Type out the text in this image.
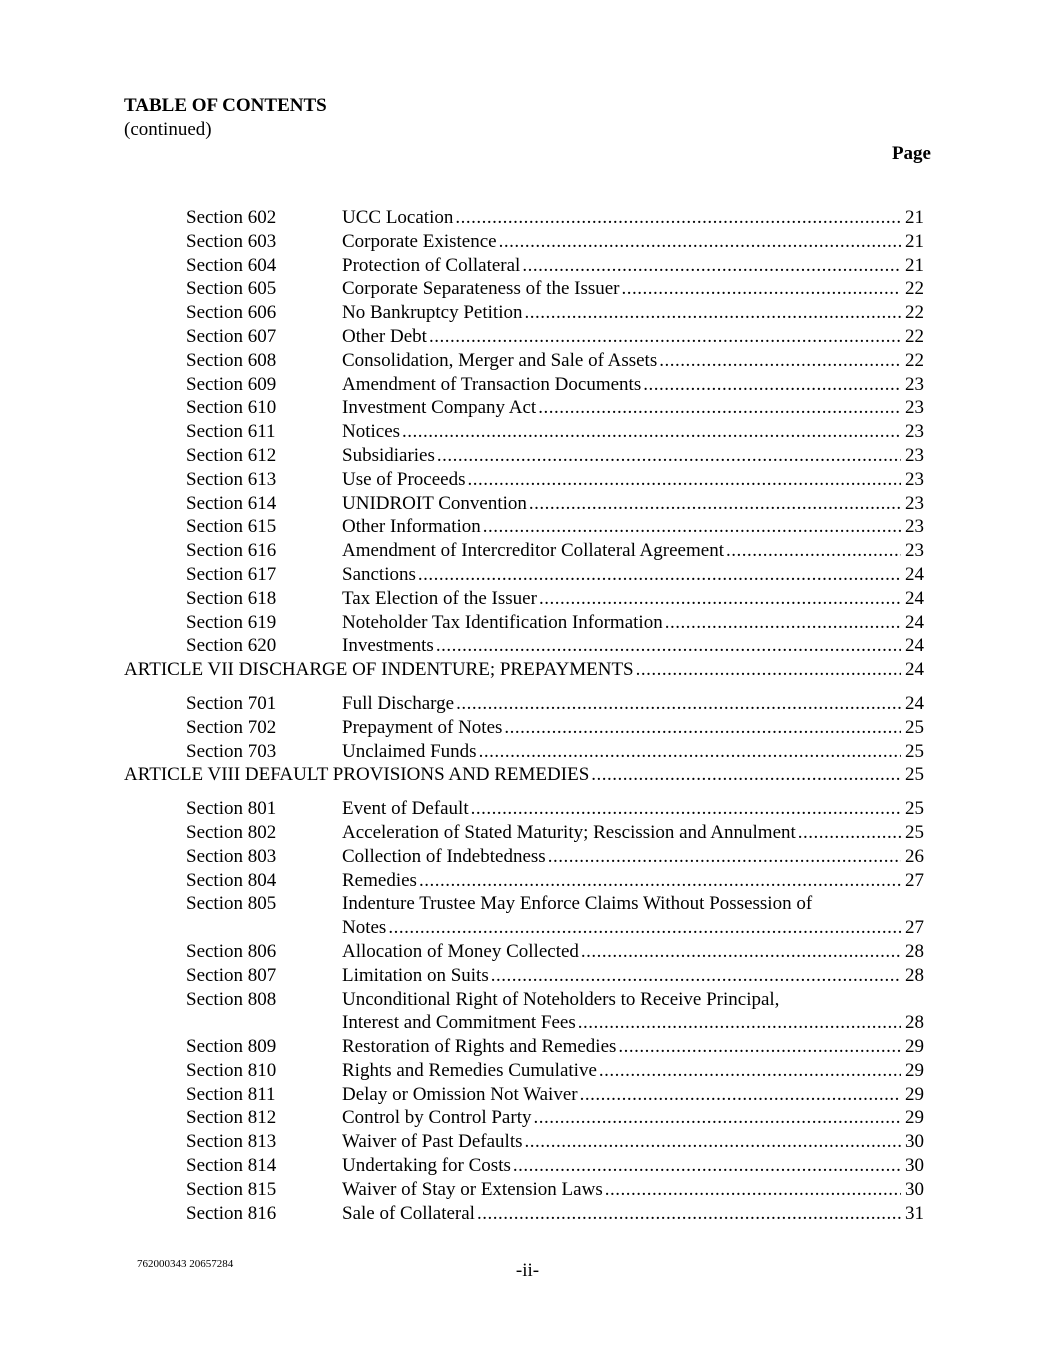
TABLE OF CONTENTS
(continued)
Page
Section 602	UCC Location .....	21
Section 603	Corporate Existence .....	21
Section 604	Protection of Collateral .....	21
Section 605	Corporate Separateness of the Issuer .....	22
Section 606	No Bankruptcy Petition .....	22
Section 607	Other Debt .....	22
Section 608	Consolidation, Merger and Sale of Assets .....	22
Section 609	Amendment of Transaction Documents .....	23
Section 610	Investment Company Act .....	23
Section 611	Notices .....	23
Section 612	Subsidiaries .....	23
Section 613	Use of Proceeds .....	23
Section 614	UNIDROIT Convention .....	23
Section 615	Other Information .....	23
Section 616	Amendment of Intercreditor Collateral Agreement .....	23
Section 617	Sanctions .....	24
Section 618	Tax Election of the Issuer .....	24
Section 619	Noteholder Tax Identification Information .....	24
Section 620	Investments .....	24
ARTICLE VII DISCHARGE OF INDENTURE; PREPAYMENTS .....	24
Section 701	Full Discharge .....	24
Section 702	Prepayment of Notes .....	25
Section 703	Unclaimed Funds .....	25
ARTICLE VIII DEFAULT PROVISIONS AND REMEDIES .....	25
Section 801	Event of Default .....	25
Section 802	Acceleration of Stated Maturity; Rescission and Annulment .....	25
Section 803	Collection of Indebtedness .....	26
Section 804	Remedies .....	27
Section 805	Indenture Trustee May Enforce Claims Without Possession of
Notes .....	27
Section 806	Allocation of Money Collected .....	28
Section 807	Limitation on Suits .....	28
Section 808	Unconditional Right of Noteholders to Receive Principal,
Interest and Commitment Fees .....	28
Section 809	Restoration of Rights and Remedies .....	29
Section 810	Rights and Remedies Cumulative .....	29
Section 811	Delay or Omission Not Waiver .....	29
Section 812	Control by Control Party .....	29
Section 813	Waiver of Past Defaults .....	30
Section 814	Undertaking for Costs .....	30
Section 815	Waiver of Stay or Extension Laws .....	30
Section 816	Sale of Collateral .....	31
762000343 20657284	-ii-
